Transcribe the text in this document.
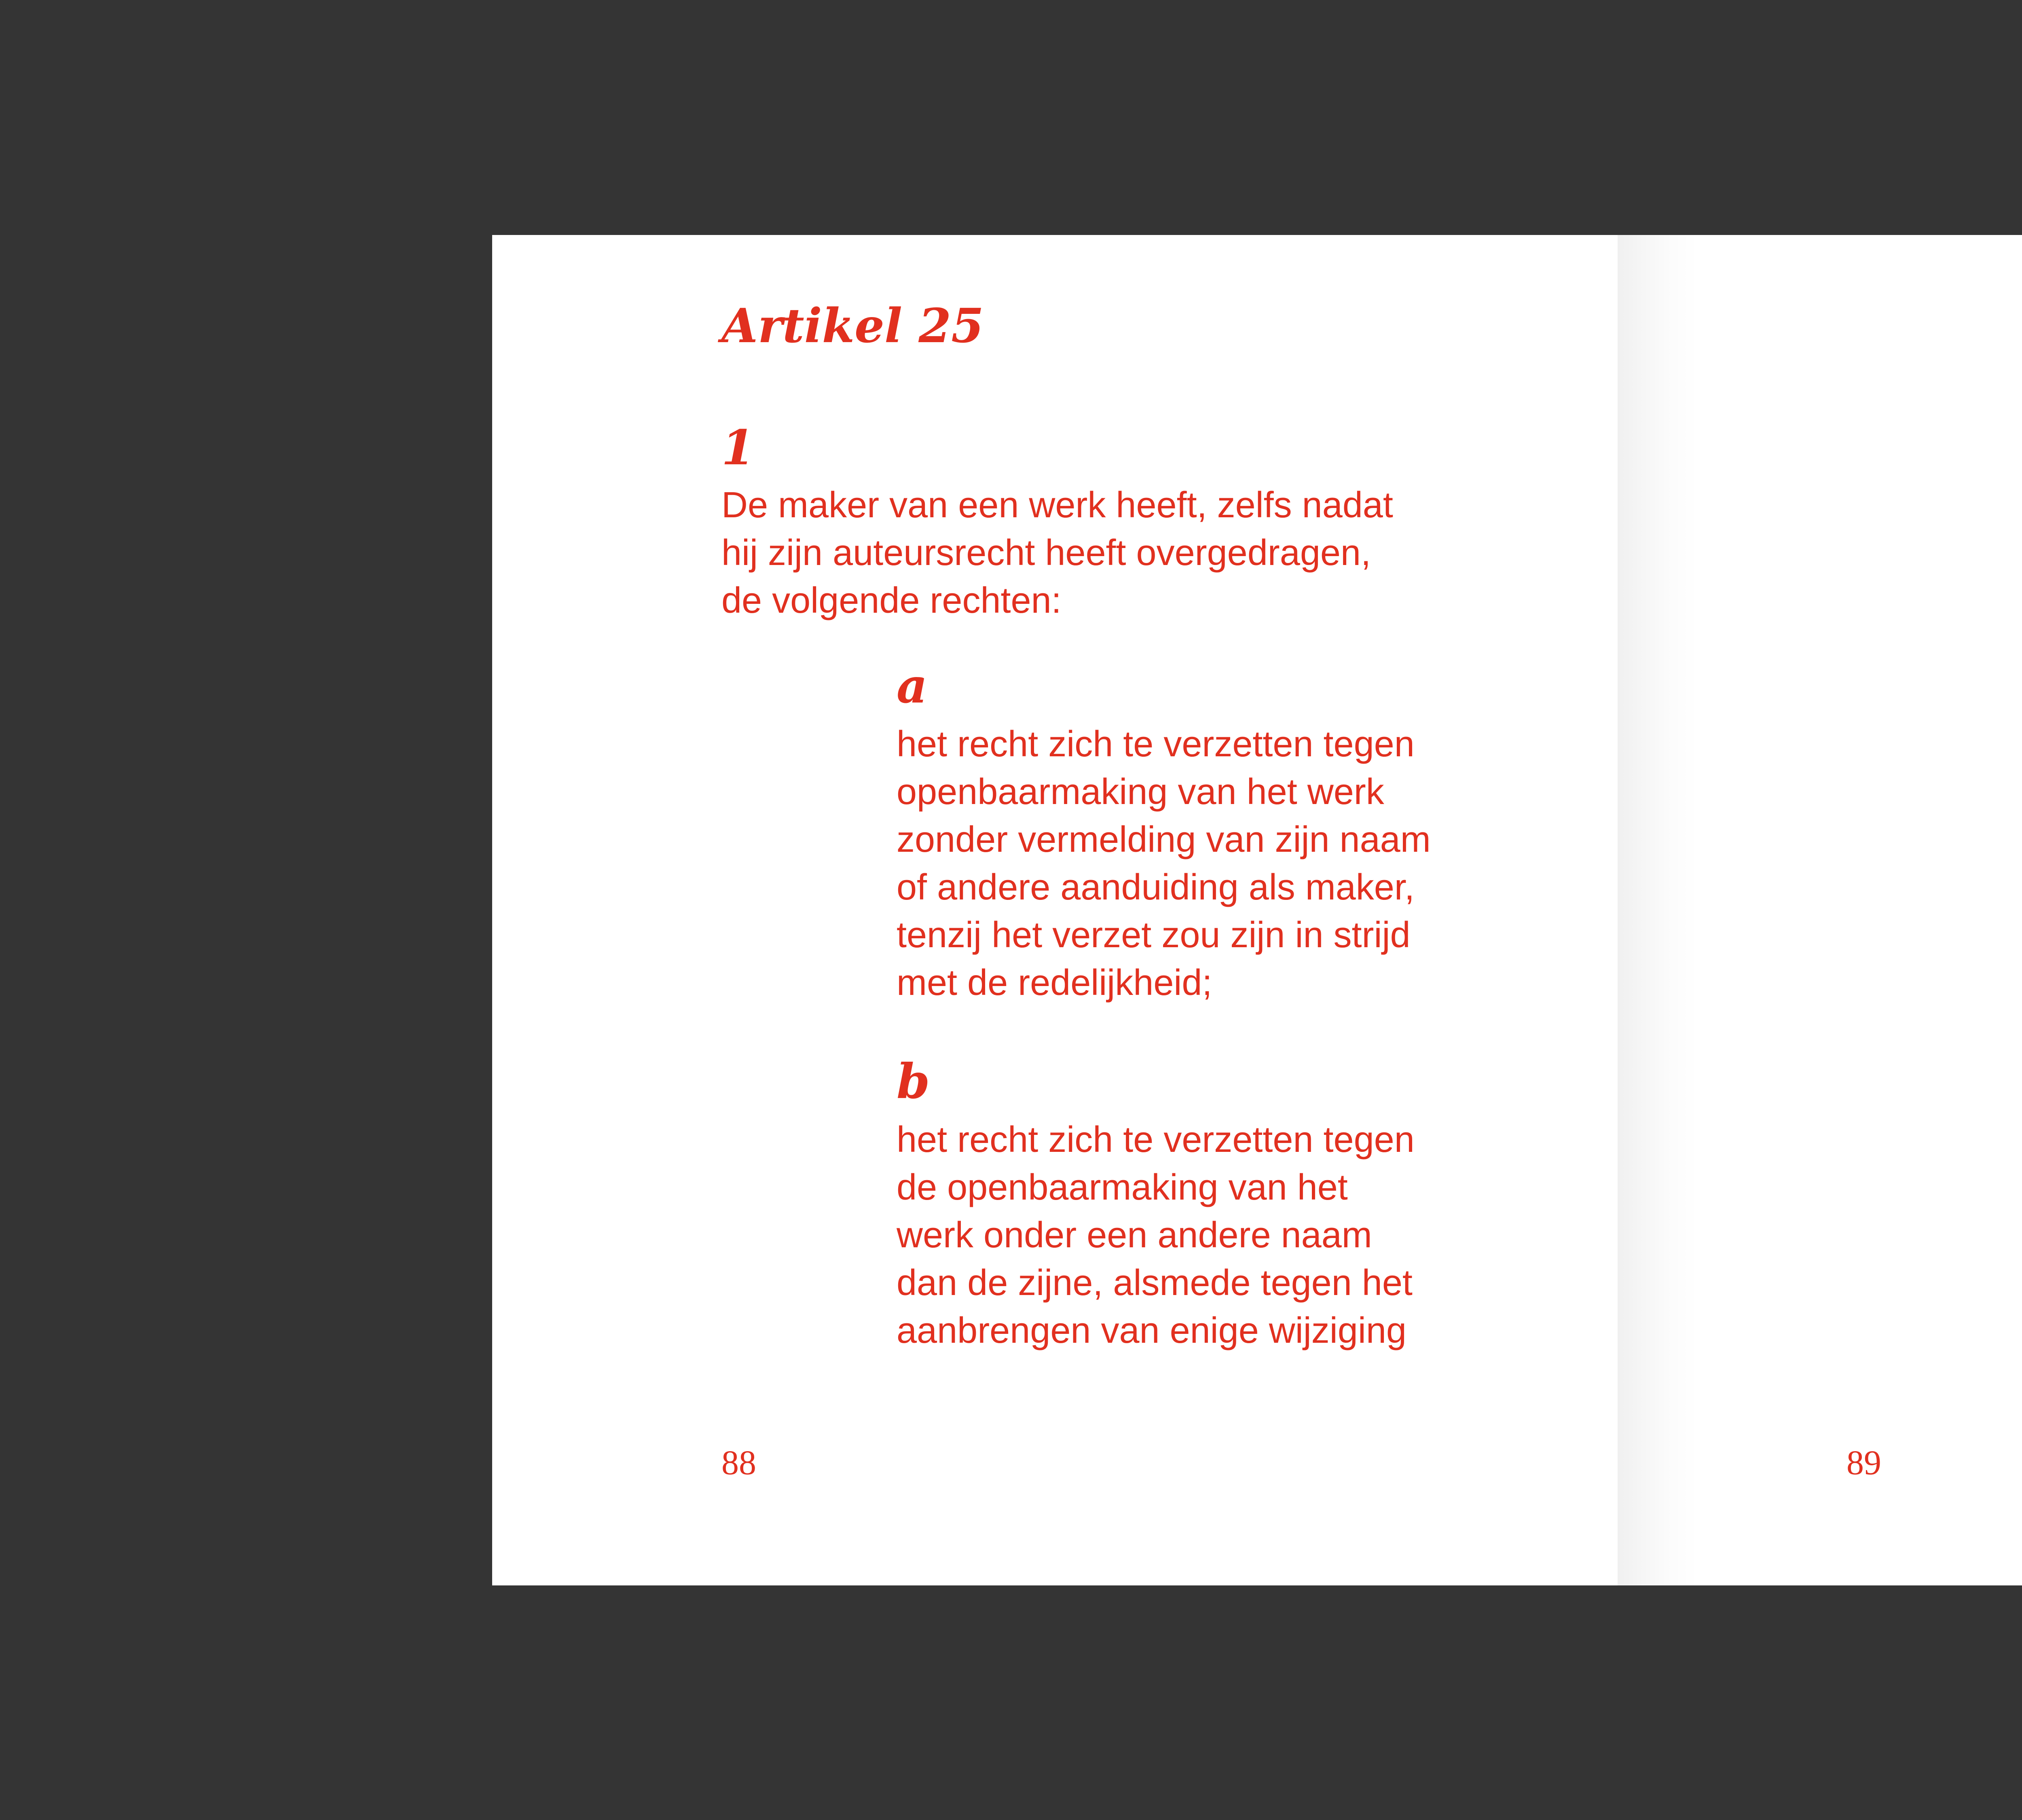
Artikel 25
1
De maker van een werk heeft, zelfs nadat
hij zijn auteursrecht heeft overgedragen,
de volgende rechten:
a
het recht zich te verzetten tegen
openbaarmaking van het werk
zonder vermelding van zijn naam
of andere aanduiding als maker,
tenzij het verzet zou zijn in strijd
met de redelijkheid;
b
het recht zich te verzetten tegen
de openbaarmaking van het
werk onder een andere naam
dan de zijne, alsmede tegen het
aanbrengen van enige wijziging
88	89
